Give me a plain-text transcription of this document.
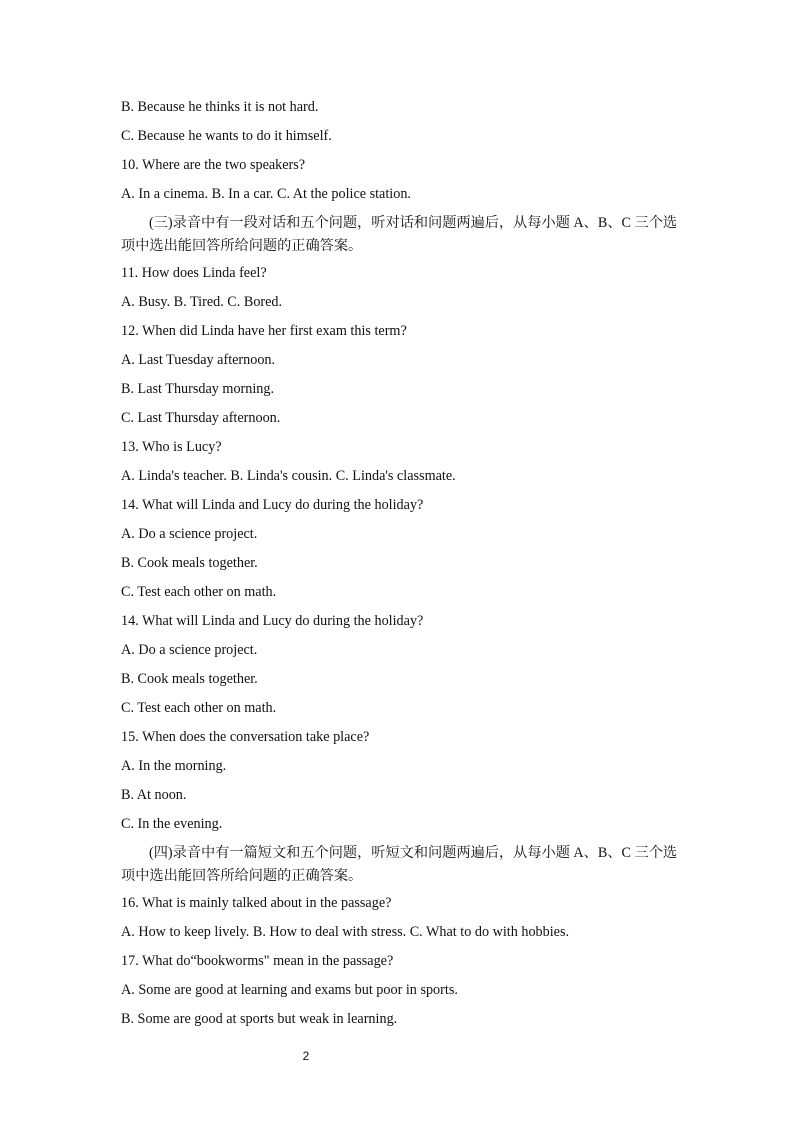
B. Because he thinks it is not hard.
C. Because he wants to do it himself.
10. Where are the two speakers?
A. In a cinema. B. In a car. C. At the police station.
(三)录音中有一段对话和五个问题，听对话和问题两遍后，从每小题 A、B、C 三个选项中选出能回答所给问题的正确答案。
11. How does Linda feel?
A. Busy. B. Tired. C. Bored.
12. When did Linda have her first exam this term?
A. Last Tuesday afternoon.
B. Last Thursday morning.
C. Last Thursday afternoon.
13. Who is Lucy?
A. Linda's teacher. B. Linda's cousin. C. Linda's classmate.
14. What will Linda and Lucy do during the holiday?
A. Do a science project.
B. Cook meals together.
C. Test each other on math.
14. What will Linda and Lucy do during the holiday?
A. Do a science project.
B. Cook meals together.
C. Test each other on math.
15. When does the conversation take place?
A. In the morning.
B. At noon.
C. In the evening.
(四)录音中有一篇短文和五个问题，听短文和问题两遍后，从每小题 A、B、C 三个选项中选出能回答所给问题的正确答案。
16. What is mainly talked about in the passage?
A. How to keep lively. B. How to deal with stress. C. What to do with hobbies.
17. What do“bookworms" mean in the passage?
A. Some are good at learning and exams but poor in sports.
B. Some are good at sports but weak in learning.
2
